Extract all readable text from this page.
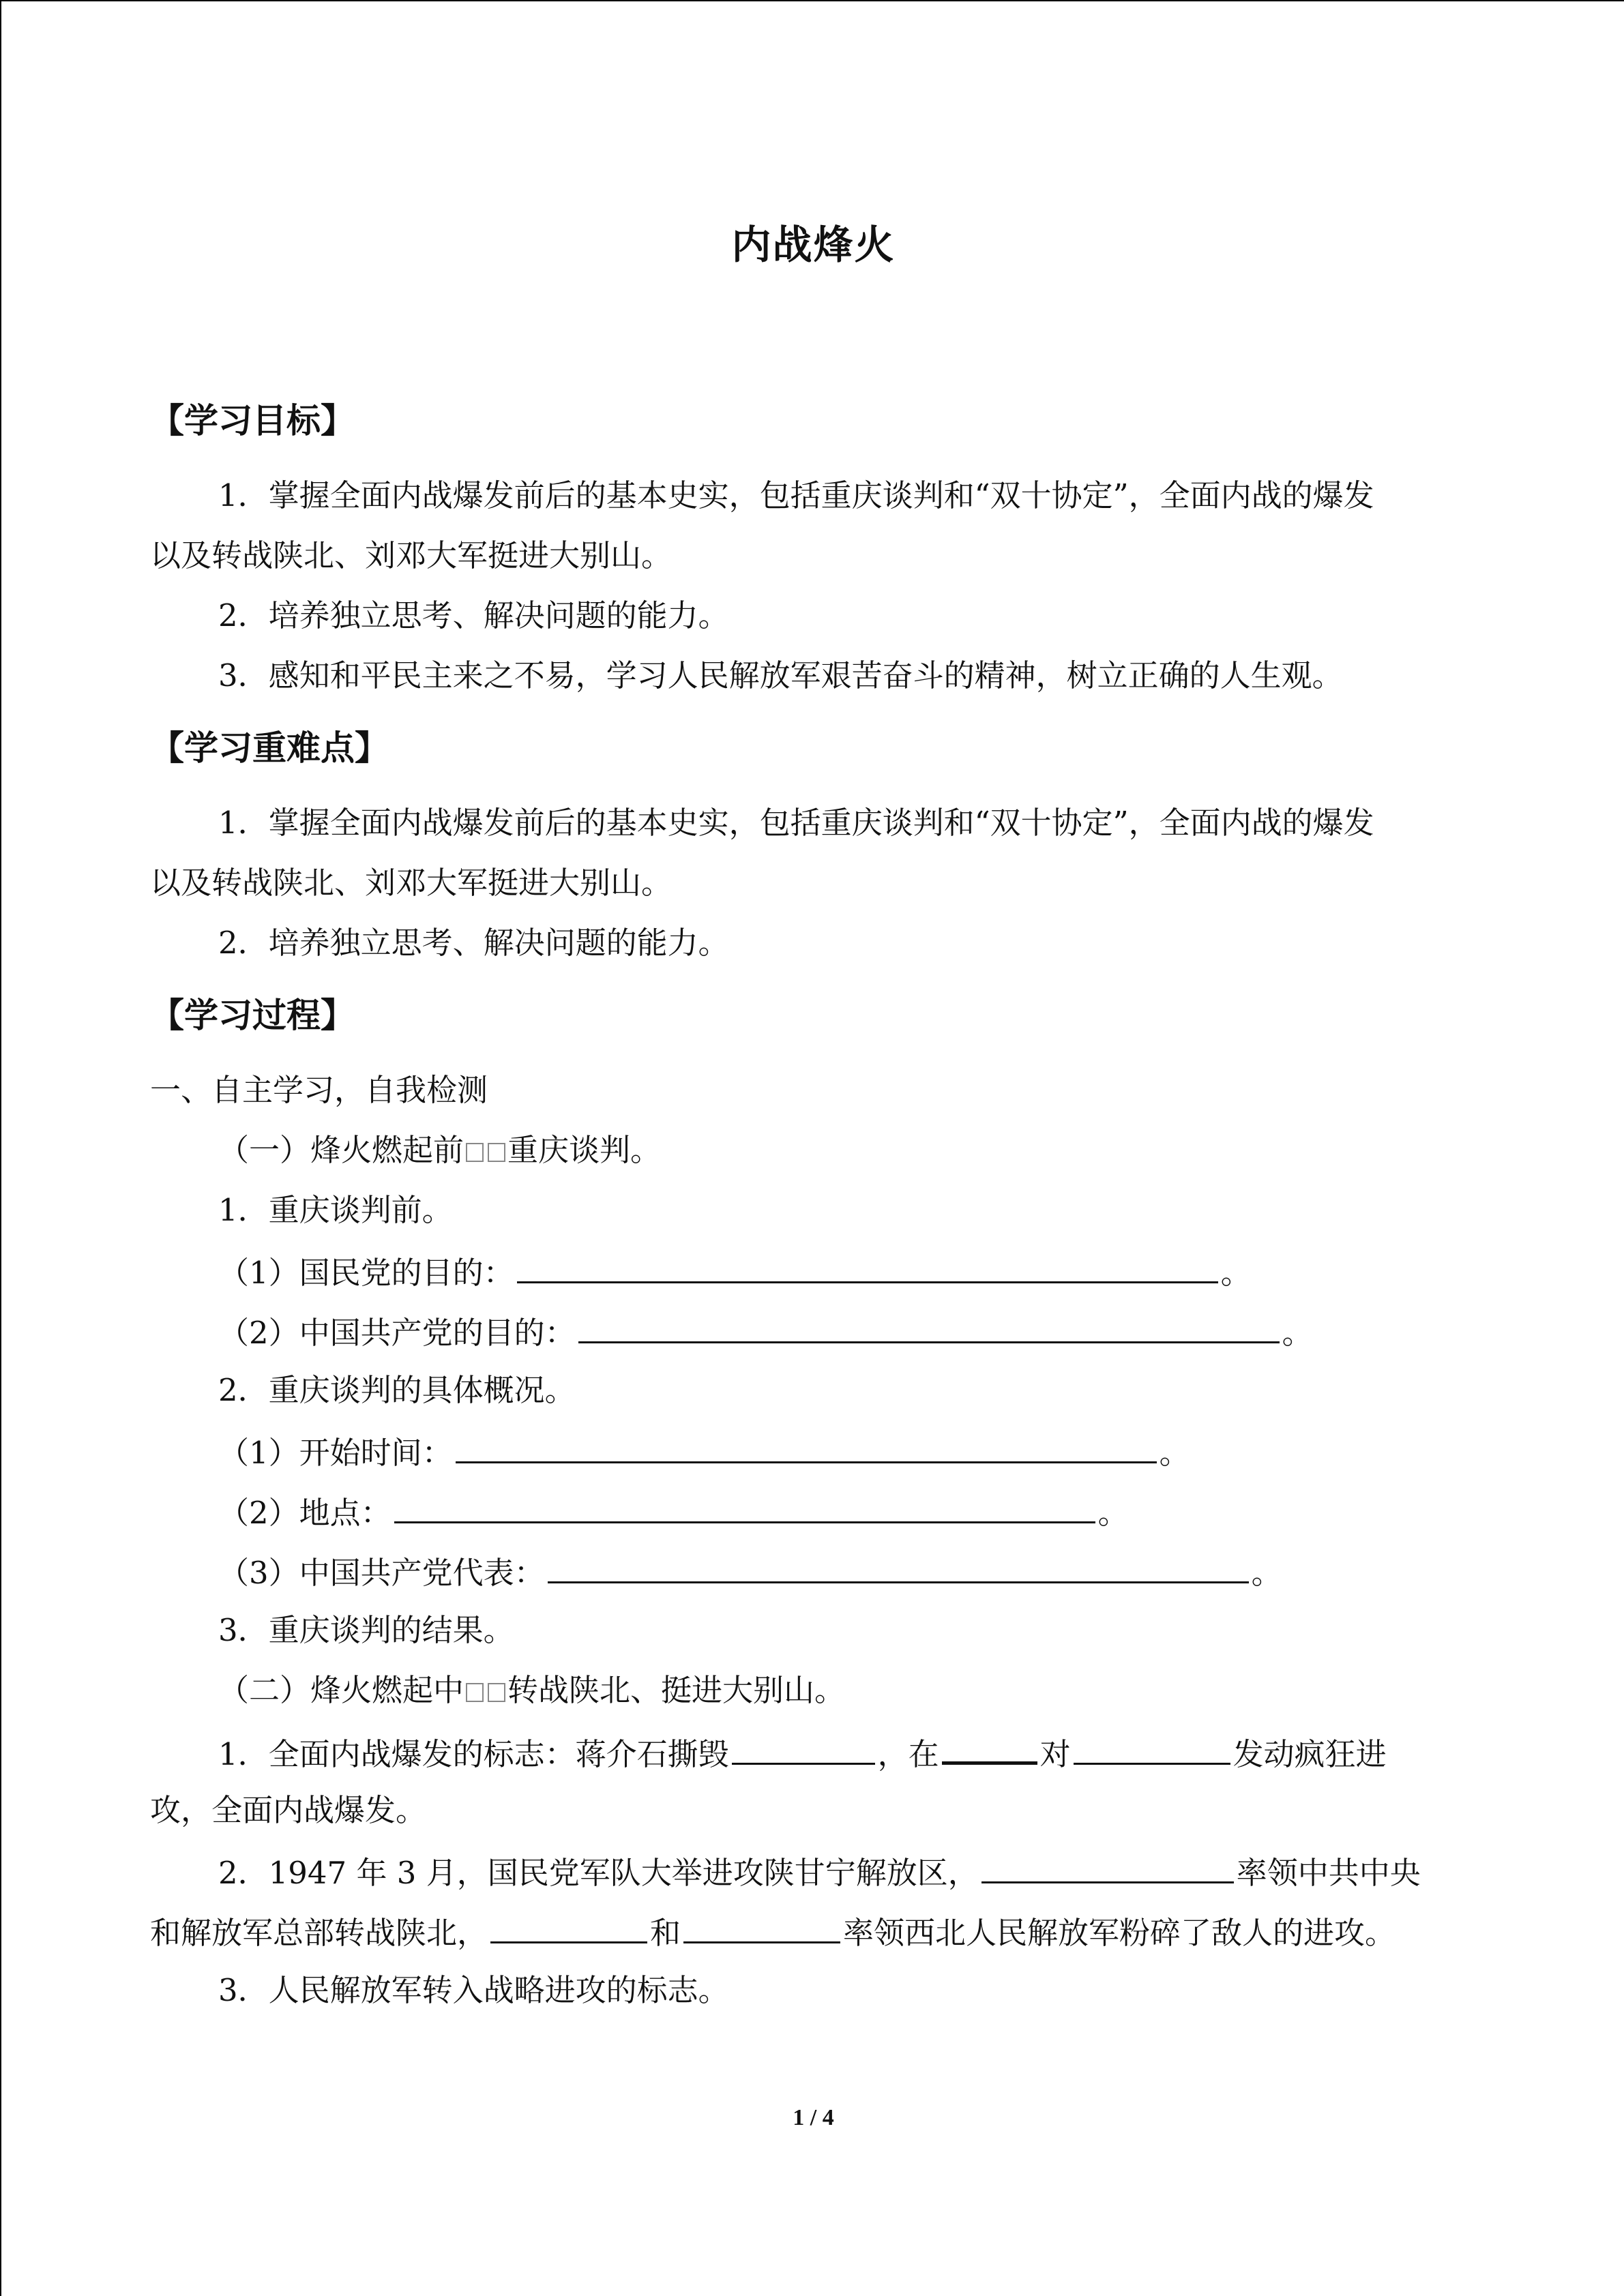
内战烽火
【学习目标】
1．掌握全面内战爆发前后的基本史实，包括重庆谈判和“双十协定”，全面内战的爆发
以及转战陕北、刘邓大军挺进大别山。
2．培养独立思考、解决问题的能力。
3．感知和平民主来之不易，学习人民解放军艰苦奋斗的精神，树立正确的人生观。
【学习重难点】
1．掌握全面内战爆发前后的基本史实，包括重庆谈判和“双十协定”，全面内战的爆发
以及转战陕北、刘邓大军挺进大别山。
2．培养独立思考、解决问题的能力。
【学习过程】
一、自主学习，自我检测
（一）烽火燃起前 重庆谈判。
1．重庆谈判前。
（1）国民党的目的：	。
（2）中国共产党的目的：	。
2．重庆谈判的具体概况。
（1）开始时间：	。
（2）地点：	。
（3）中国共产党代表：	。
3．重庆谈判的结果。
（二）烽火燃起中 转战陕北、挺进大别山。
1．全面内战爆发的标志：蒋介石撕毁	，在	对	发动疯狂进
攻，全面内战爆发。
2．1947 年 3 月，国民党军队大举进攻陕甘宁解放区，	率领中共中央
和解放军总部转战陕北，	和	率领西北人民解放军粉碎了敌人的进攻。
3．人民解放军转入战略进攻的标志。
1 / 4
